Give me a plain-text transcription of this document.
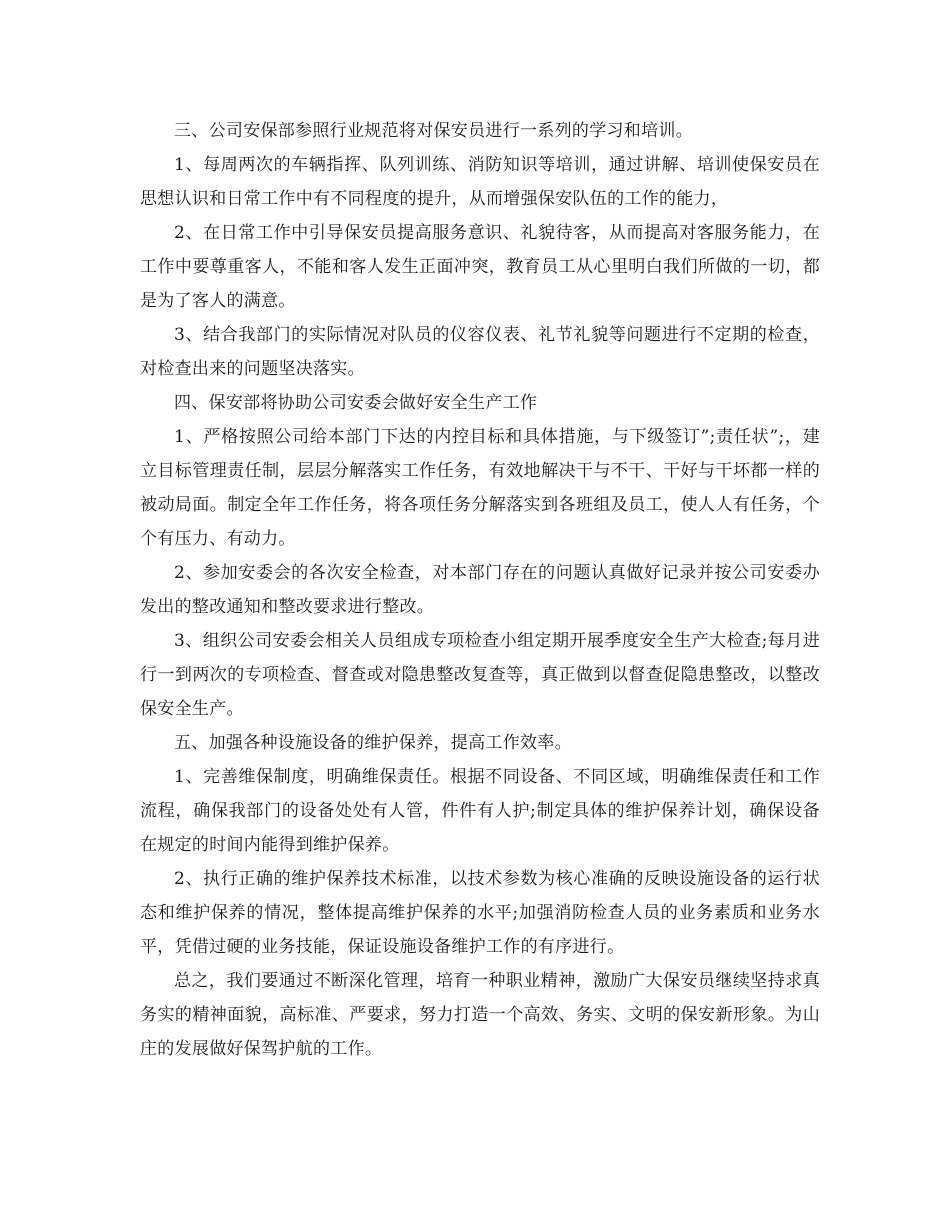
三、公司安保部参照行业规范将对保安员进行一系列的学习和培训。

1、每周两次的车辆指挥、队列训练、消防知识等培训，通过讲解、培训使保安员在思想认识和日常工作中有不同程度的提升，从而增强保安队伍的工作的能力，

2、在日常工作中引导保安员提高服务意识、礼貌待客，从而提高对客服务能力，在工作中要尊重客人，不能和客人发生正面冲突，教育员工从心里明白我们所做的一切，都是为了客人的满意。

3、结合我部门的实际情况对队员的仪容仪表、礼节礼貌等问题进行不定期的检查，对检查出来的问题坚决落实。

四、保安部将协助公司安委会做好安全生产工作

1、严格按照公司给本部门下达的内控目标和具体措施，与下级签订”;责任状”;，建立目标管理责任制，层层分解落实工作任务，有效地解决干与不干、干好与干坏都一样的被动局面。制定全年工作任务，将各项任务分解落实到各班组及员工，使人人有任务，个个有压力、有动力。

2、参加安委会的各次安全检查，对本部门存在的问题认真做好记录并按公司安委办发出的整改通知和整改要求进行整改。

3、组织公司安委会相关人员组成专项检查小组定期开展季度安全生产大检查;每月进行一到两次的专项检查、督查或对隐患整改复查等，真正做到以督查促隐患整改，以整改保安全生产。

五、加强各种设施设备的维护保养，提高工作效率。

1、完善维保制度，明确维保责任。根据不同设备、不同区域，明确维保责任和工作流程，确保我部门的设备处处有人管，件件有人护;制定具体的维护保养计划，确保设备在规定的时间内能得到维护保养。

2、执行正确的维护保养技术标准，以技术参数为核心准确的反映设施设备的运行状态和维护保养的情况，整体提高维护保养的水平;加强消防检查人员的业务素质和业务水平，凭借过硬的业务技能，保证设施设备维护工作的有序进行。

总之，我们要通过不断深化管理，培育一种职业精神，激励广大保安员继续坚持求真务实的精神面貌，高标准、严要求，努力打造一个高效、务实、文明的保安新形象。为山庄的发展做好保驾护航的工作。
